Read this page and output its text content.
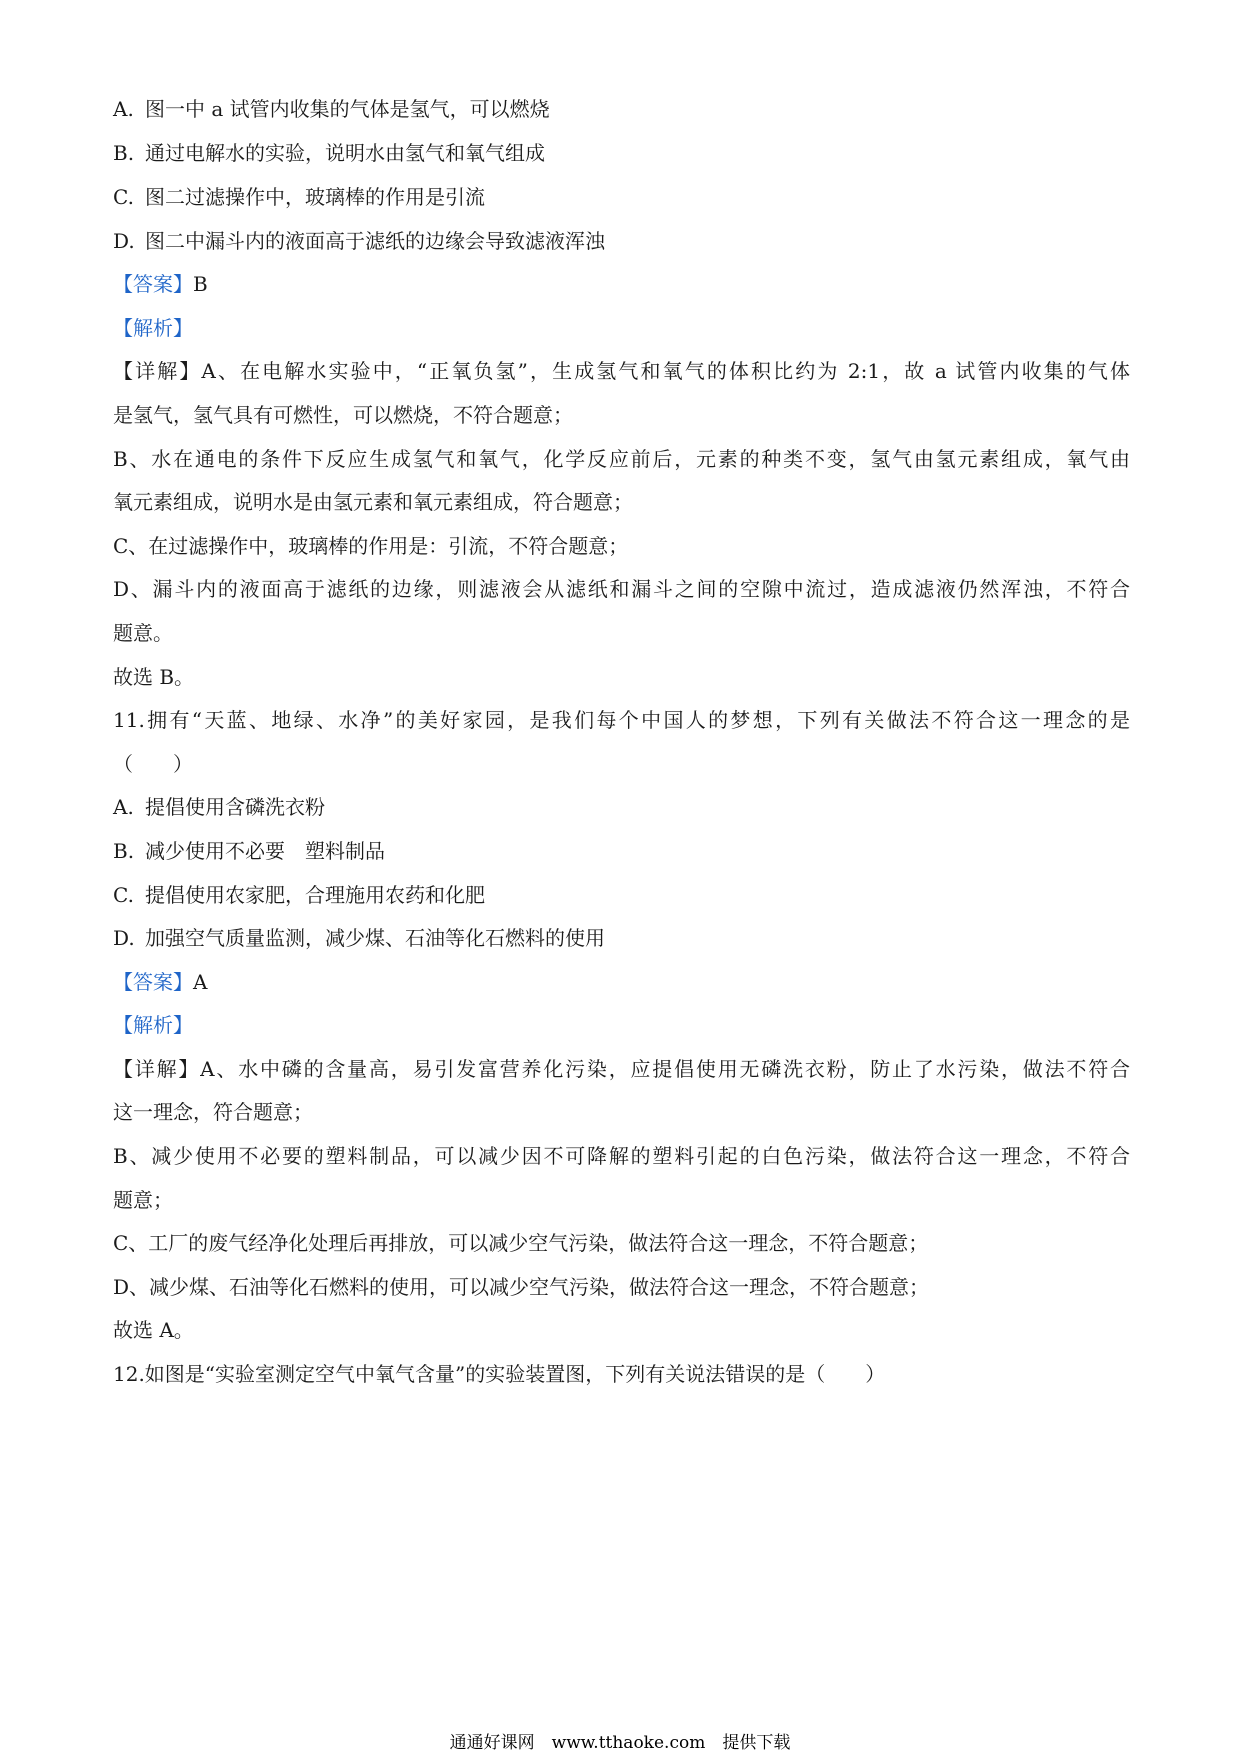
A. 图一中 a 试管内收集的气体是氢气，可以燃烧
B. 通过电解水的实验，说明水由氢气和氧气组成
C. 图二过滤操作中，玻璃棒的作用是引流
D. 图二中漏斗内的液面高于滤纸的边缘会导致滤液浑浊
【答案】B
【解析】
【详解】A、在电解水实验中，“正氧负氢”，生成氢气和氧气的体积比约为 2:1，故 a 试管内收集的气体
是氢气，氢气具有可燃性，可以燃烧，不符合题意；
B、水在通电的条件下反应生成氢气和氧气，化学反应前后，元素的种类不变，氢气由氢元素组成，氧气由
氧元素组成，说明水是由氢元素和氧元素组成，符合题意；
C、在过滤操作中，玻璃棒的作用是：引流，不符合题意；
D、漏斗内的液面高于滤纸的边缘，则滤液会从滤纸和漏斗之间的空隙中流过，造成滤液仍然浑浊，不符合
题意。
故选 B。
11.拥有“天蓝、地绿、水净”的美好家园，是我们每个中国人的梦想，下列有关做法不符合这一理念的是
（　　）
A. 提倡使用含磷洗衣粉
B. 减少使用不必要　塑料制品
C. 提倡使用农家肥，合理施用农药和化肥
D. 加强空气质量监测，减少煤、石油等化石燃料的使用
【答案】A
【解析】
【详解】A、水中磷的含量高，易引发富营养化污染，应提倡使用无磷洗衣粉，防止了水污染，做法不符合
这一理念，符合题意；
B、减少使用不必要的塑料制品，可以减少因不可降解的塑料引起的白色污染，做法符合这一理念，不符合
题意；
C、工厂的废气经净化处理后再排放，可以减少空气污染，做法符合这一理念，不符合题意；
D、减少煤、石油等化石燃料的使用，可以减少空气污染，做法符合这一理念，不符合题意；
故选 A。
12.如图是“实验室测定空气中氧气含量”的实验装置图，下列有关说法错误的是（　　）
通通好课网　www.tthaoke.com　提供下载
